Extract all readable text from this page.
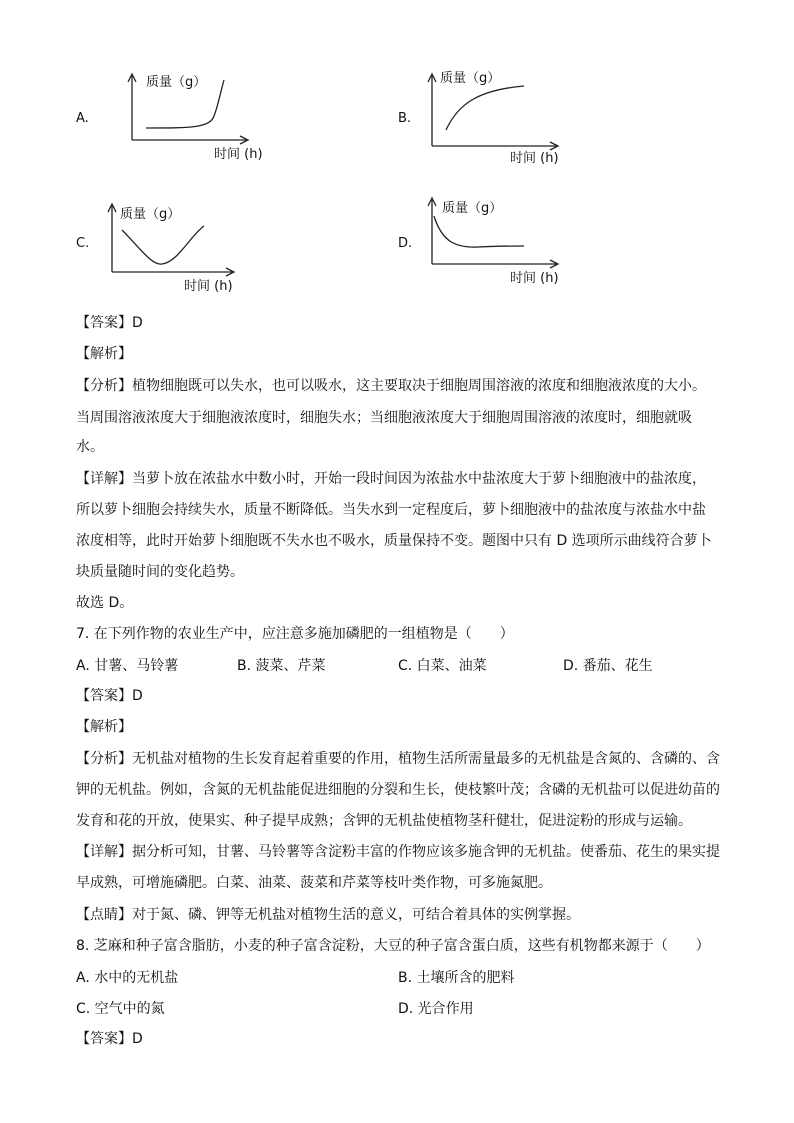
A.
质量（g）
时间 (h)
B.
质量（g）
时间 (h)
C.
质量（g）
时间 (h)
D.
质量（g）
时间 (h)
【答案】D
【解析】
【分析】植物细胞既可以失水，也可以吸水，这主要取决于细胞周围溶液的浓度和细胞液浓度的大小。
当周围溶液浓度大于细胞液浓度时，细胞失水；当细胞液浓度大于细胞周围溶液的浓度时，细胞就吸
水。
【详解】当萝卜放在浓盐水中数小时，开始一段时间因为浓盐水中盐浓度大于萝卜细胞液中的盐浓度，
所以萝卜细胞会持续失水，质量不断降低。当失水到一定程度后，萝卜细胞液中的盐浓度与浓盐水中盐
浓度相等，此时开始萝卜细胞既不失水也不吸水，质量保持不变。题图中只有 D 选项所示曲线符合萝卜
块质量随时间的变化趋势。
故选 D。
7. 在下列作物的农业生产中，应注意多施加磷肥的一组植物是（　　）
A. 甘薯、马铃薯	B. 菠菜、芹菜	C. 白菜、油菜	D. 番茄、花生
【答案】D
【解析】
【分析】无机盐对植物的生长发育起着重要的作用，植物生活所需量最多的无机盐是含氮的、含磷的、含
钾的无机盐。例如，含氮的无机盐能促进细胞的分裂和生长，使枝繁叶茂；含磷的无机盐可以促进幼苗的
发育和花的开放，使果实、种子提早成熟；含钾的无机盐使植物茎秆健壮，促进淀粉的形成与运输。
【详解】据分析可知，甘薯、马铃薯等含淀粉丰富的作物应该多施含钾的无机盐。使番茄、花生的果实提
早成熟，可增施磷肥。白菜、油菜、菠菜和芹菜等枝叶类作物，可多施氮肥。
【点睛】对于氮、磷、钾等无机盐对植物生活的意义，可结合着具体的实例掌握。
8. 芝麻和种子富含脂肪，小麦的种子富含淀粉，大豆的种子富含蛋白质，这些有机物都来源于（　　）
A. 水中的无机盐	B. 土壤所含的肥料
C. 空气中的氮	D. 光合作用
【答案】D
